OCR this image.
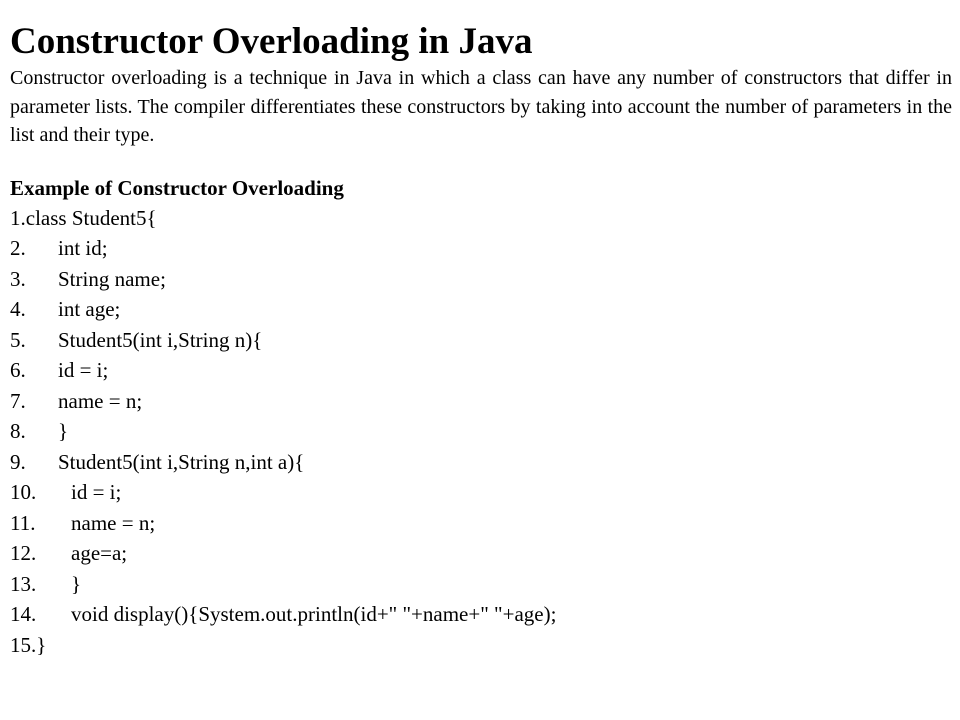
Constructor Overloading in Java

Constructor overloading is a technique in Java in which a class can have any number of constructors that differ in parameter lists. The compiler differentiates these constructors by taking into account the number of parameters in the list and their type.

Example of Constructor Overloading
1.class Student5{
2. int id;
3. String name;
4. int age;
5. Student5(int i,String n){
6. id = i;
7. name = n;
8. }
9. Student5(int i,String n,int a){
10. id = i;
11. name = n;
12. age=a;
13. }
14. void display(){System.out.println(id+" "+name+" "+age);
15.}
